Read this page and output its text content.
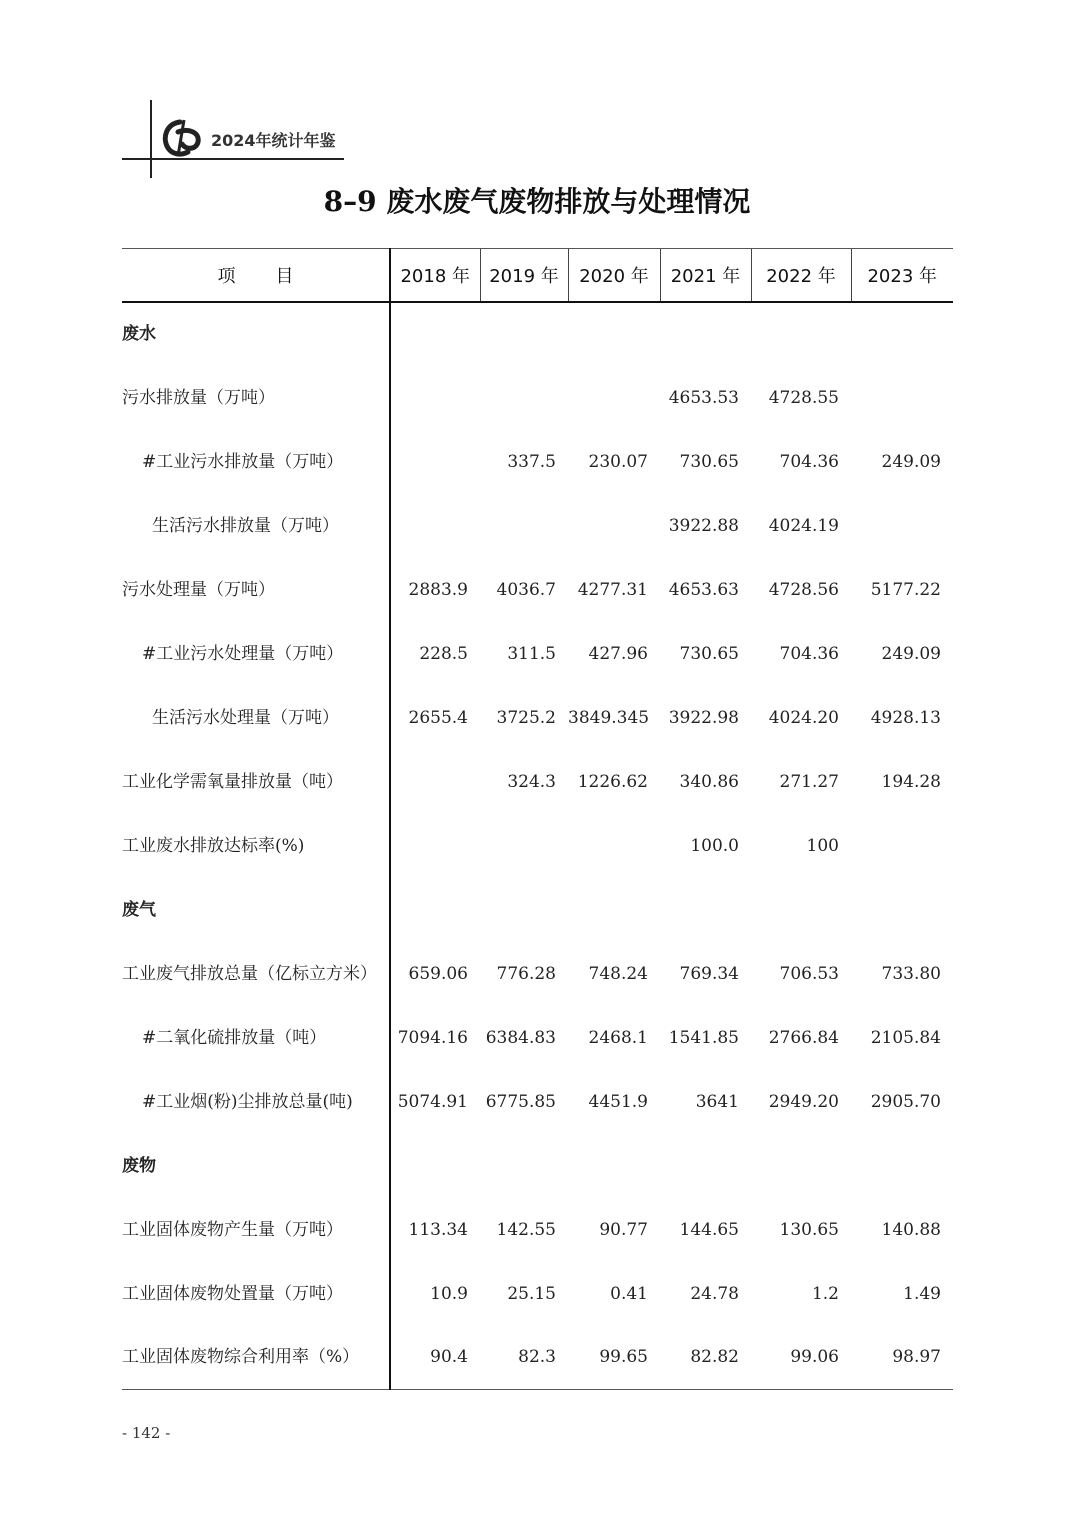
2024年统计年鉴
8–9 废水废气废物排放与处理情况
项目	2018 年	2019 年	2020 年	2021 年	2022 年	2023 年
废水						
污水排放量（万吨）				4653.53	4728.55	
#工业污水排放量（万吨）		337.5	230.07	730.65	704.36	249.09
生活污水排放量（万吨）				3922.88	4024.19	
污水处理量（万吨）	2883.9	4036.7	4277.31	4653.63	4728.56	5177.22
#工业污水处理量（万吨）	228.5	311.5	427.96	730.65	704.36	249.09
生活污水处理量（万吨）	2655.4	3725.2	3849.345	3922.98	4024.20	4928.13
工业化学需氧量排放量（吨）		324.3	1226.62	340.86	271.27	194.28
工业废水排放达标率(%)				100.0	100	
废气						
工业废气排放总量（亿标立方米）	659.06	776.28	748.24	769.34	706.53	733.80
#二氧化硫排放量（吨）	7094.16	6384.83	2468.1	1541.85	2766.84	2105.84
#工业烟(粉)尘排放总量(吨)	5074.91	6775.85	4451.9	3641	2949.20	2905.70
废物						
工业固体废物产生量（万吨）	113.34	142.55	90.77	144.65	130.65	140.88
工业固体废物处置量（万吨）	10.9	25.15	0.41	24.78	1.2	1.49
工业固体废物综合利用率（%）	90.4	82.3	99.65	82.82	99.06	98.97
- 142 -
